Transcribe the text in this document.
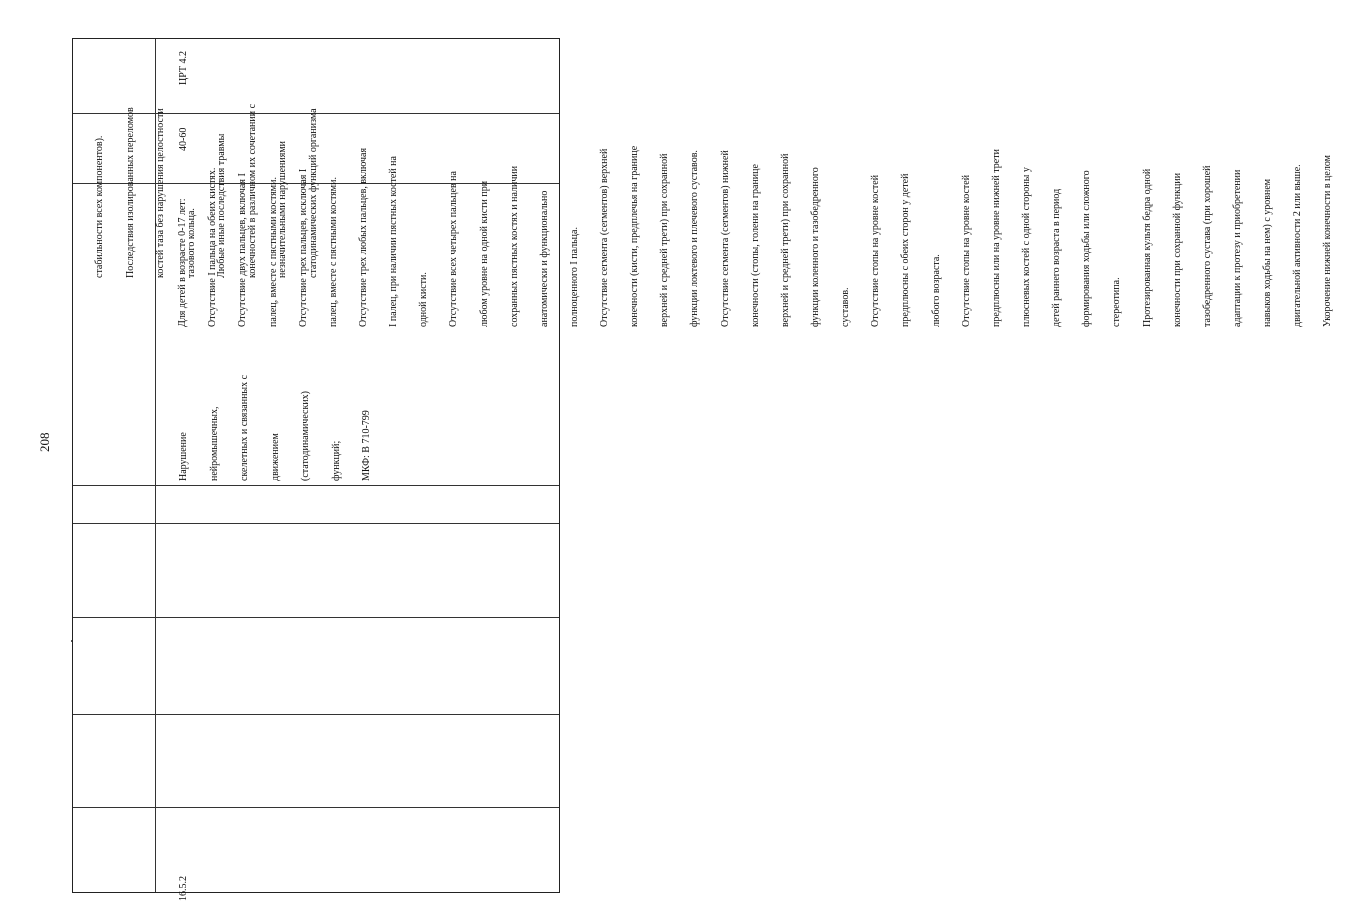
208

стабильности всех компонентов).

Последствия изолированных переломов

костей таза без нарушения целостности

тазового кольца.

Любые иные последствия травмы

конечностей в различном их сочетании с

незначительными нарушениями

статодинамических функций организма

16.5.2

Нарушение

нейромышечных,

скелетных и связанных с

движением

(статодинамических)

функций;

МКФ: В 710-799

Для детей в возрасте 0-17 лет:

Отсутствие I пальца на обеих кистях.

Отсутствие двух пальцев, включая I

палец, вместе с пястными костями.

Отсутствие трех пальцев, исключая I

палец, вместе с пястными костями.

Отсутствие трех любых пальцев, включая

I палец, при наличии пястных костей на

одной кисти.

Отсутствие всех четырех пальцев на

любом уровне на одной кисти при

сохранных пястных костях и наличии

анатомически и функционально

полноценного I пальца.

Отсутствие сегмента (сегментов) верхней

конечности (кисти, предплечья на границе

верхней и средней трети) при сохранной

функции локтевого и плечевого суставов.

Отсутствие сегмента (сегментов) нижней

конечности (стопы, голени на границе

верхней и средней трети) при сохранной

функции коленного и тазобедренного

суставов.

Отсутствие стопы на уровне костей

предплюсны с обеих сторон у детей

любого возраста.

Отсутствие стопы на уровне костей

предплюсны или на уровне нижней трети

плюсневых костей с одной стороны у

детей раннего возраста в период

формирования ходьбы или сложного

стереотипа.

Протезированная культя бедра одной

конечности при сохранной функции

тазобедренного сустава (при хорошей

адаптации к протезу и приобретении

навыков ходьбы на нем) с уровнем

двигательной активности 2 или выше.

Укорочение нижней конечности в целом

40-60

ЦРТ 4.2
